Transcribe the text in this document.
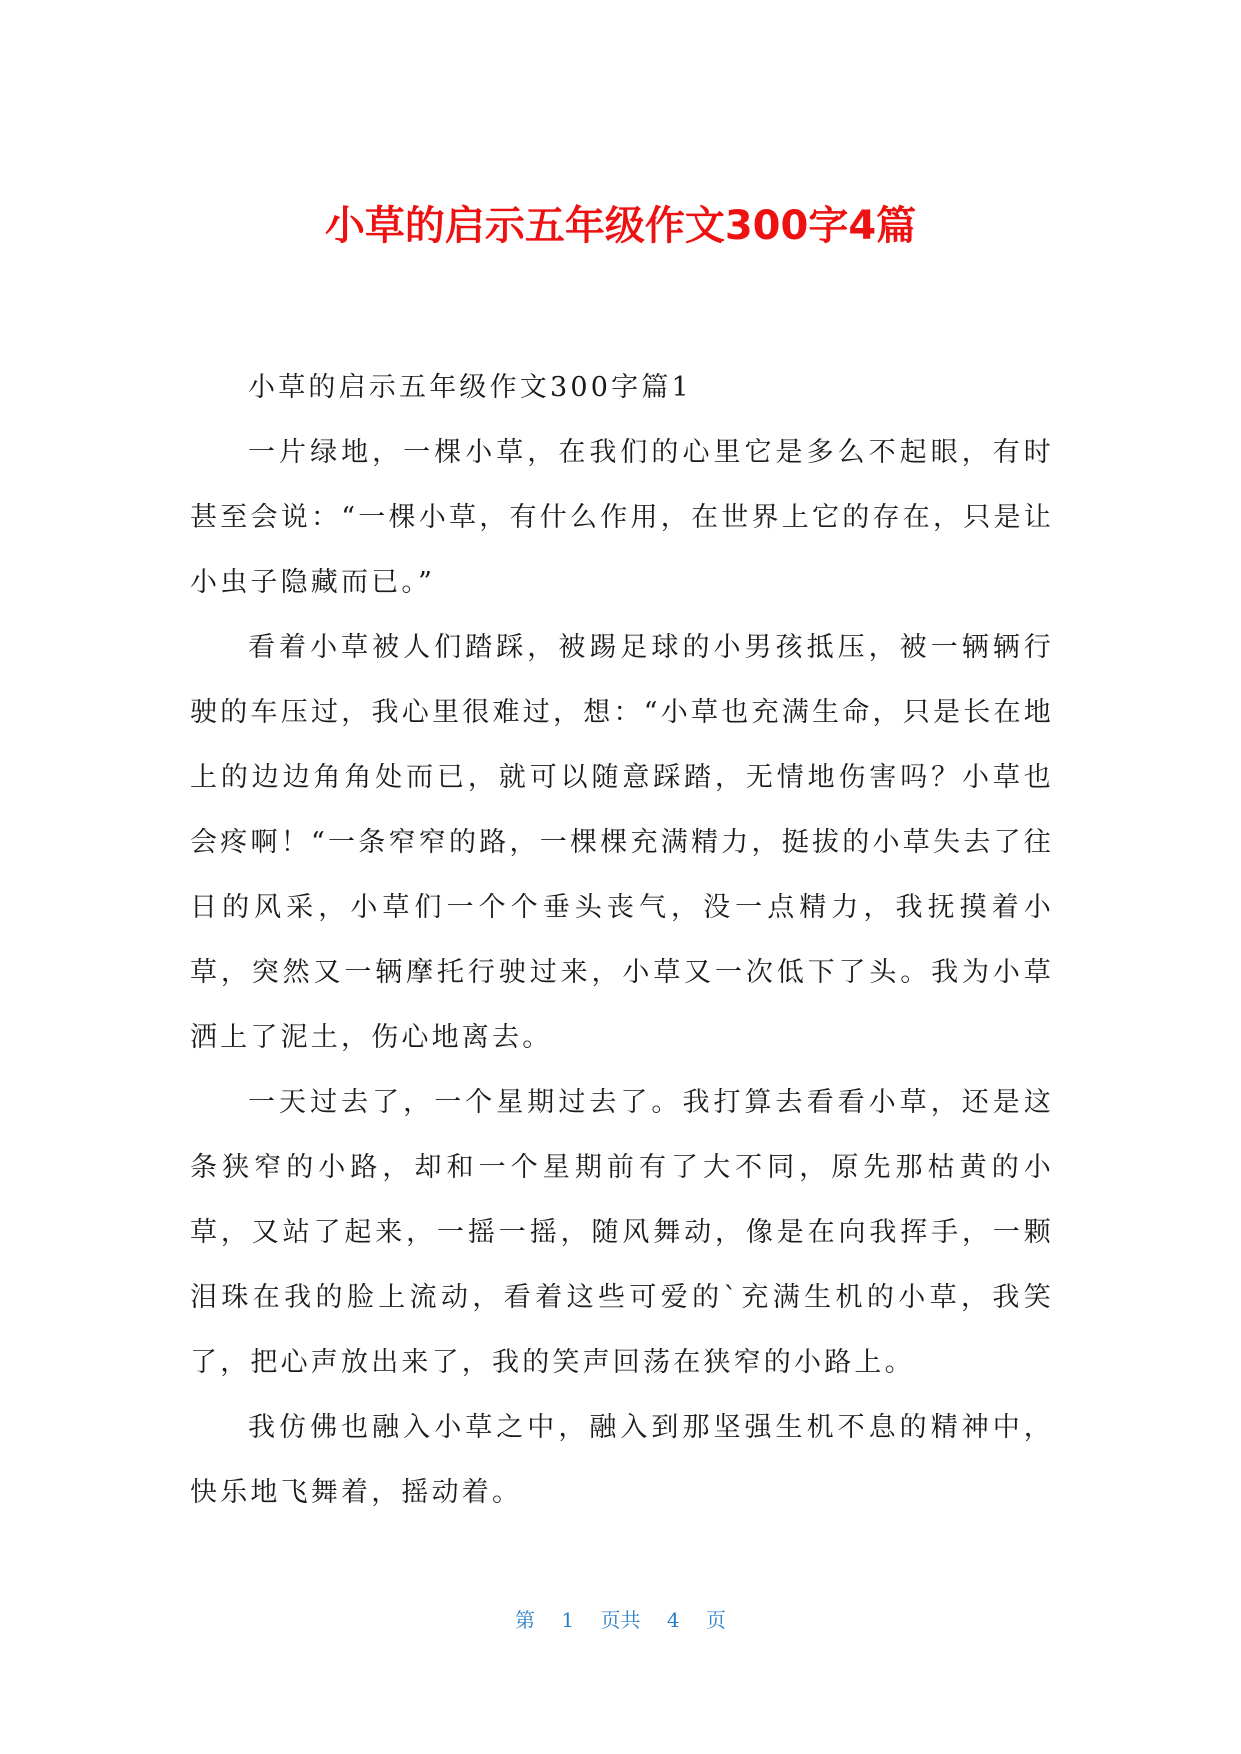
小草的启示五年级作文300字4篇

小草的启示五年级作文300字篇1

一片绿地，一棵小草，在我们的心里它是多么不起眼，有时甚至会说：“一棵小草，有什么作用，在世界上它的存在，只是让小虫子隐藏而已。”

看着小草被人们踏踩，被踢足球的小男孩抵压，被一辆辆行驶的车压过，我心里很难过，想：“小草也充满生命，只是长在地上的边边角角处而已，就可以随意踩踏，无情地伤害吗？小草也会疼啊！“一条窄窄的路，一棵棵充满精力，挺拔的小草失去了往日的风采，小草们一个个垂头丧气，没一点精力，我抚摸着小草，突然又一辆摩托行驶过来，小草又一次低下了头。我为小草洒上了泥土，伤心地离去。

一天过去了，一个星期过去了。我打算去看看小草，还是这条狭窄的小路，却和一个星期前有了大不同，原先那枯黄的小草，又站了起来，一摇一摇，随风舞动，像是在向我挥手，一颗泪珠在我的脸上流动，看着这些可爱的`充满生机的小草，我笑了，把心声放出来了，我的笑声回荡在狭窄的小路上。

我仿佛也融入小草之中，融入到那坚强生机不息的精神中，快乐地飞舞着，摇动着。

第 1 页共 4 页
